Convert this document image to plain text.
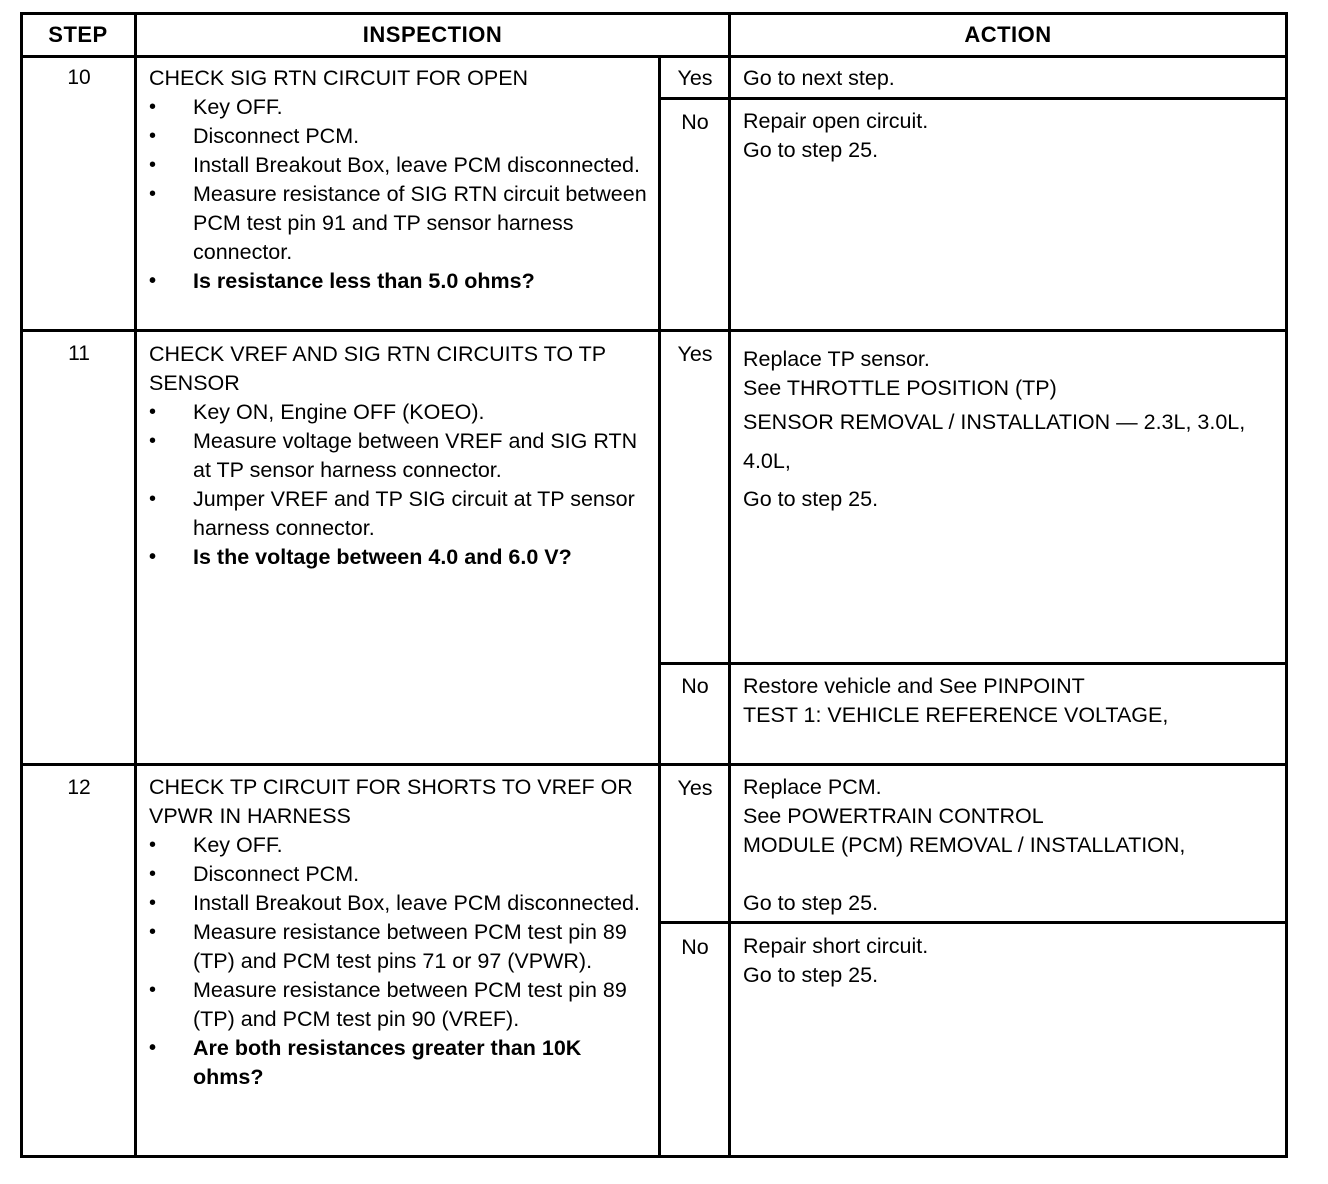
STEP	INSPECTION	ACTION
10	CHECK SIG RTN CIRCUIT FOR OPEN
• Key OFF.
• Disconnect PCM.
• Install Breakout Box, leave PCM disconnected.
• Measure resistance of SIG RTN circuit between PCM test pin 91 and TP sensor harness connector.
• Is resistance less than 5.0 ohms?
Yes	Go to next step.
No	Repair open circuit.
Go to step 25.
11	CHECK VREF AND SIG RTN CIRCUITS TO TP SENSOR
• Key ON, Engine OFF (KOEO).
• Measure voltage between VREF and SIG RTN at TP sensor harness connector.
• Jumper VREF and TP SIG circuit at TP sensor harness connector.
• Is the voltage between 4.0 and 6.0 V?
Yes	Replace TP sensor.
See THROTTLE POSITION (TP)
SENSOR REMOVAL / INSTALLATION — 2.3L, 3.0L, 4.0L,
Go to step 25.
No	Restore vehicle and See PINPOINT
TEST 1: VEHICLE REFERENCE VOLTAGE,
12	CHECK TP CIRCUIT FOR SHORTS TO VREF OR VPWR IN HARNESS
• Key OFF.
• Disconnect PCM.
• Install Breakout Box, leave PCM disconnected.
• Measure resistance between PCM test pin 89 (TP) and PCM test pins 71 or 97 (VPWR).
• Measure resistance between PCM test pin 89 (TP) and PCM test pin 90 (VREF).
• Are both resistances greater than 10K ohms?
Yes	Replace PCM.
See POWERTRAIN CONTROL
MODULE (PCM) REMOVAL / INSTALLATION,
Go to step 25.
No	Repair short circuit.
Go to step 25.
